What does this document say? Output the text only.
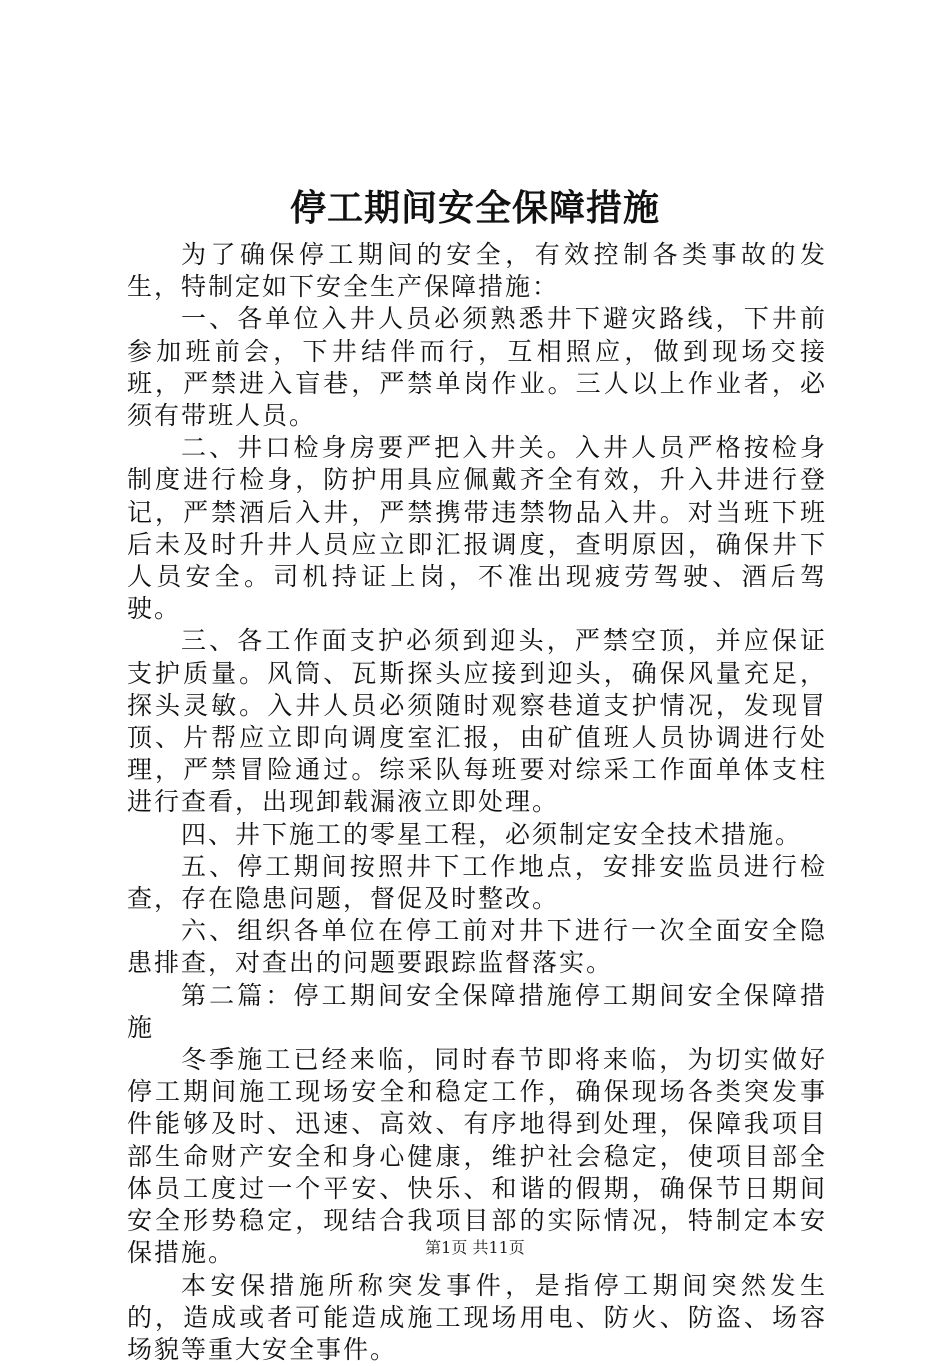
停工期间安全保障措施

为了确保停工期间的安全，有效控制各类事故的发生，特制定如下安全生产保障措施：

一、各单位入井人员必须熟悉井下避灾路线，下井前参加班前会，下井结伴而行，互相照应，做到现场交接班，严禁进入盲巷，严禁单岗作业。三人以上作业者，必须有带班人员。

二、井口检身房要严把入井关。入井人员严格按检身制度进行检身，防护用具应佩戴齐全有效，升入井进行登记，严禁酒后入井，严禁携带违禁物品入井。对当班下班后未及时升井人员应立即汇报调度，查明原因，确保井下人员安全。司机持证上岗，不准出现疲劳驾驶、酒后驾驶。

三、各工作面支护必须到迎头，严禁空顶，并应保证支护质量。风筒、瓦斯探头应接到迎头，确保风量充足，探头灵敏。入井人员必须随时观察巷道支护情况，发现冒顶、片帮应立即向调度室汇报，由矿值班人员协调进行处理，严禁冒险通过。综采队每班要对综采工作面单体支柱进行查看，出现卸载漏液立即处理。

四、井下施工的零星工程，必须制定安全技术措施。

五、停工期间按照井下工作地点，安排安监员进行检查，存在隐患问题，督促及时整改。

六、组织各单位在停工前对井下进行一次全面安全隐患排查，对查出的问题要跟踪监督落实。

第二篇：停工期间安全保障措施停工期间安全保障措施

冬季施工已经来临，同时春节即将来临，为切实做好停工期间施工现场安全和稳定工作，确保现场各类突发事件能够及时、迅速、高效、有序地得到处理，保障我项目部生命财产安全和身心健康，维护社会稳定，使项目部全体员工度过一个平安、快乐、和谐的假期，确保节日期间安全形势稳定，现结合我项目部的实际情况，特制定本安保措施。

本安保措施所称突发事件，是指停工期间突然发生的，造成或者可能造成施工现场用电、防火、防盗、场容场貌等重大安全事件。

第1页 共11页
